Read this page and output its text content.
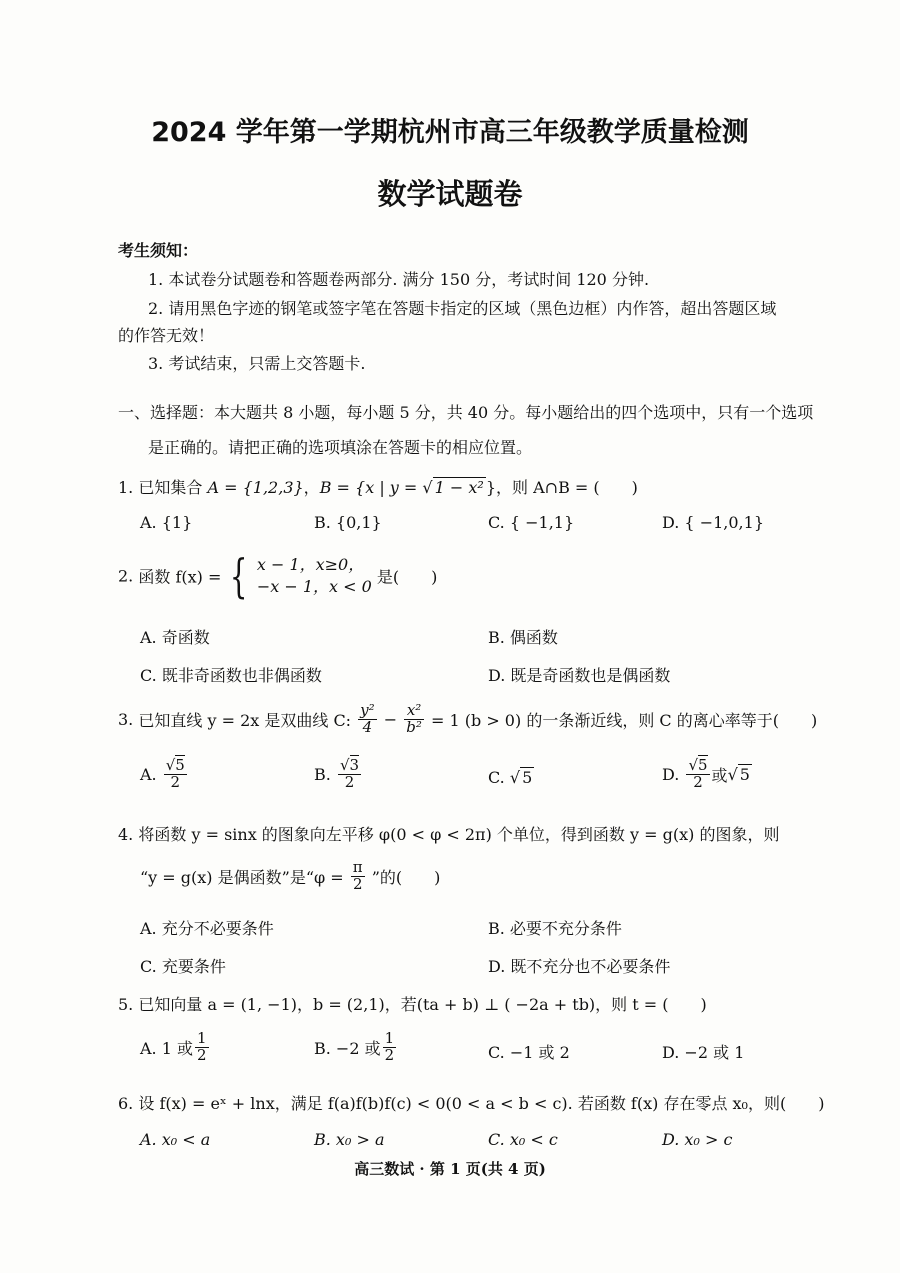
2024 学年第一学期杭州市高三年级教学质量检测
数学试题卷
考生须知：
1. 本试卷分试题卷和答题卷两部分. 满分 150 分，考试时间 120 分钟.
2. 请用黑色字迹的钢笔或签字笔在答题卡指定的区域（黑色边框）内作答，超出答题区域
的作答无效！
3. 考试结束，只需上交答题卡.
一、选择题：本大题共 8 小题，每小题 5 分，共 40 分。每小题给出的四个选项中，只有一个选项
是正确的。请把正确的选项填涂在答题卡的相应位置。
1. 已知集合 A = {1,2,3}，B = {x | y = √ 1 − x² }，则 A∩B = (　　)
A. {1}	B. {0,1}	C. { −1,1}	D. { −1,0,1}
2. 函数 f(x) = { x − 1，x≥0，
−x − 1，x < 0 是(　　)
A. 奇函数	B. 偶函数
C. 既非奇函数也非偶函数	D. 既是奇函数也是偶函数
3. 已知直线 y = 2x 是双曲线 C: $\frac{\text{y²}}{4} - \frac{\text{x²}}{\text{b²}} = 1$ (b > 0) 的一条渐近线，则 C 的离心率等于(　　)
A. $\frac{√5}{2}$	B. $\frac{√3}{2}$	C. √ 5	D. $\frac{√5}{2}$ 或√ 5
4. 将函数 y = sinx 的图象向左平移 φ(0 < φ < 2π) 个单位，得到函数 y = g(x) 的图象，则
“y = g(x) 是偶函数”是“$\varphi = \frac{\pi}{2}$ ”的(　　)
A. 充分不必要条件	B. 必要不充分条件
C. 充要条件	D. 既不充分也不必要条件
5. 已知向量 a = (1, −1)，b = (2,1)，若(ta + b) ⊥ ( −2a + tb)，则 t = (　　)
A. 1 或 $\frac{1}{2}$	B. −2 或 $\frac{1}{2}$	C. −1 或 2	D. −2 或 1
6. 设 f(x) = eˣ + lnx，满足 f(a)f(b)f(c) < 0(0 < a < b < c). 若函数 f(x) 存在零点 x₀，则(　　)
A. x₀ < a	B. x₀ > a	C. x₀ < c	D. x₀ > c
高三数试 · 第 1 页(共 4 页)
